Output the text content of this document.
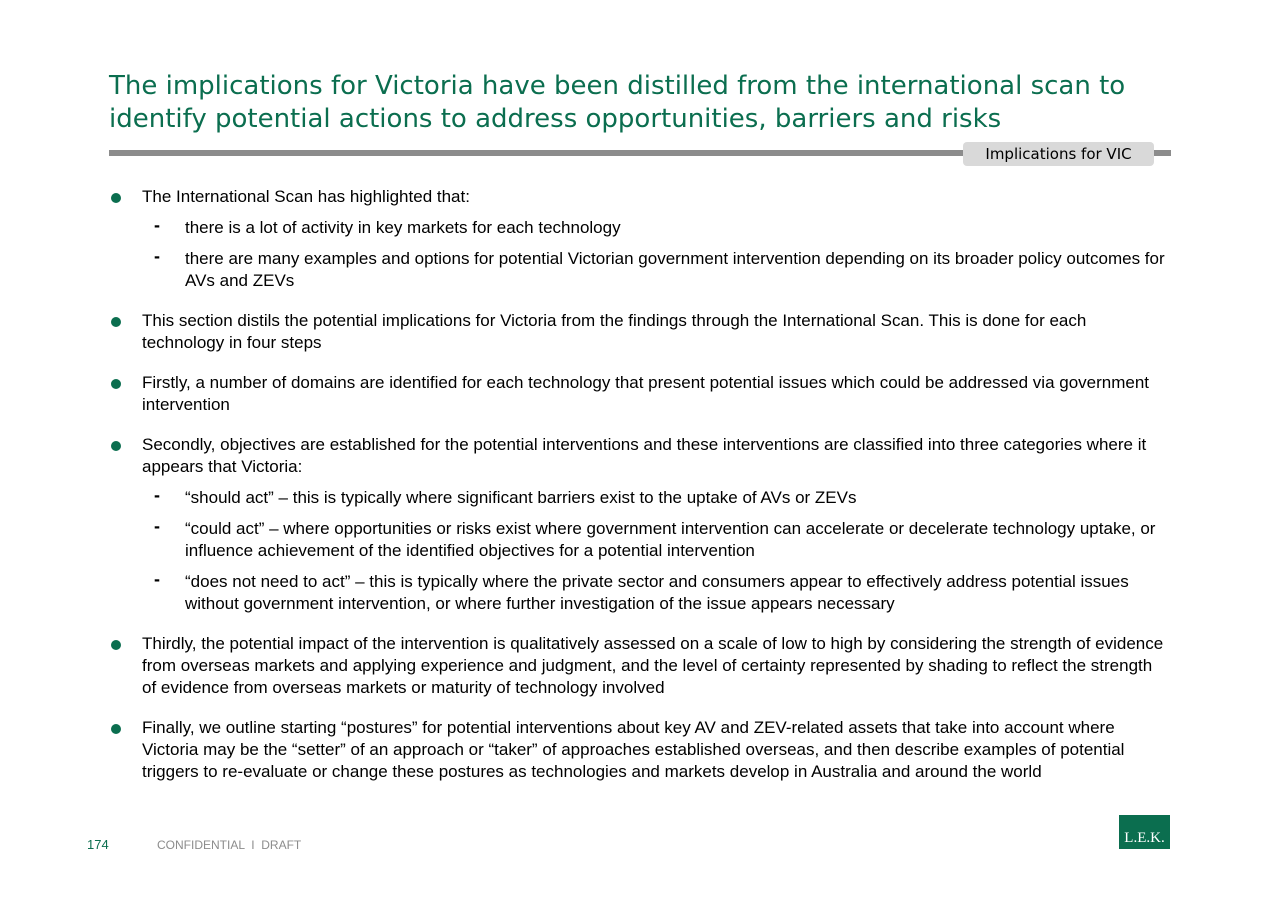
The implications for Victoria have been distilled from the international scan to
identify potential actions to address opportunities, barriers and risks
Implications for VIC
The International Scan has highlighted that:
- there is a lot of activity in key markets for each technology
- there are many examples and options for potential Victorian government intervention depending on its broader policy outcomes for AVs and ZEVs
This section distils the potential implications for Victoria from the findings through the International Scan. This is done for each technology in four steps
Firstly, a number of domains are identified for each technology that present potential issues which could be addressed via government intervention
Secondly, objectives are established for the potential interventions and these interventions are classified into three categories where it appears that Victoria:
- “should act” – this is typically where significant barriers exist to the uptake of AVs or ZEVs
- “could act” – where opportunities or risks exist where government intervention can accelerate or decelerate technology uptake, or influence achievement of the identified objectives for a potential intervention
- “does not need to act” – this is typically where the private sector and consumers appear to effectively address potential issues without government intervention, or where further investigation of the issue appears necessary
Thirdly, the potential impact of the intervention is qualitatively assessed on a scale of low to high by considering the strength of evidence from overseas markets and applying experience and judgment, and the level of certainty represented by shading to reflect the strength of evidence from overseas markets or maturity of technology involved
Finally, we outline starting “postures” for potential interventions about key AV and ZEV-related assets that take into account where Victoria may be the “setter” of an approach or “taker” of approaches established overseas, and then describe examples of potential triggers to re-evaluate or change these postures as technologies and markets develop in Australia and around the world
174	CONFIDENTIAL  I  DRAFT	L.E.K.
